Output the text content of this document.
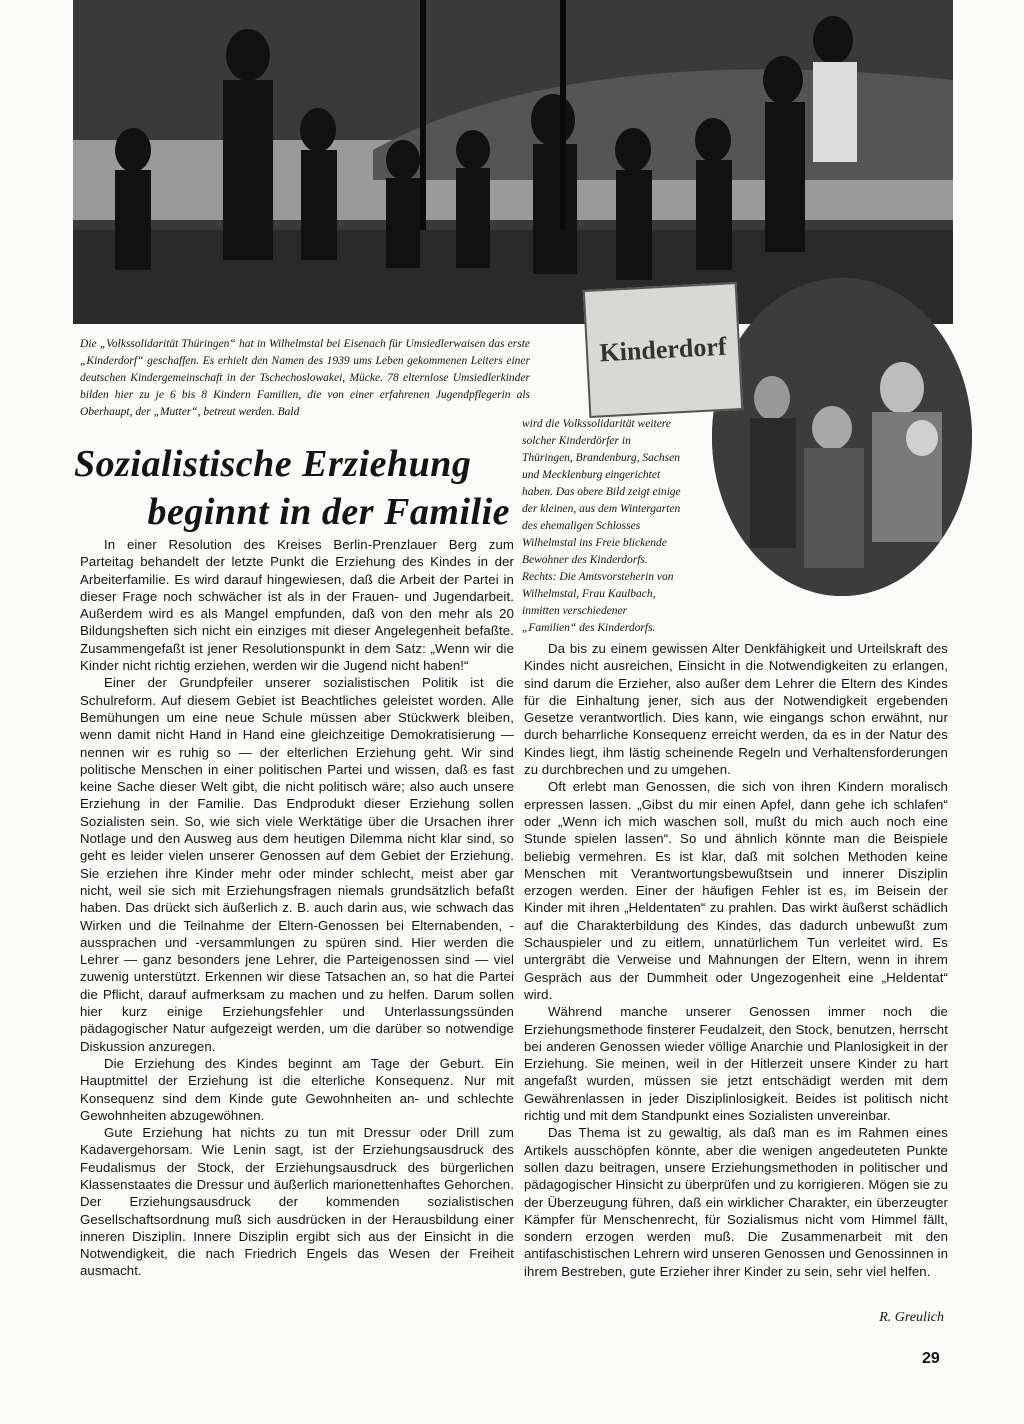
Kinderdorf

Die „Volkssolidarität Thüringen“ hat in Wilhelmstal bei Eisenach für Umsiedlerwaisen das erste „Kinderdorf“ geschaffen. Es erhielt den Namen des 1939 ums Leben gekommenen Leiters einer deutschen Kindergemeinschaft in der Tschechoslowakei, Mücke. 78 elternlose Umsiedlerkinder bilden hier zu je 6 bis 8 Kindern Familien, die von einer erfahrenen Jugendpflegerin als Oberhaupt, der „Mutter“, betreut werden. Bald

wird die Volkssolidarität weitere solcher Kinderdörfer in Thüringen, Brandenburg, Sachsen und Mecklenburg eingerichtet haben. Das obere Bild zeigt einige der kleinen, aus dem Wintergarten des ehemaligen Schlosses Wilhelmstal ins Freie blickende Bewohner des Kinderdorfs. Rechts: Die Amtsvorsteherin von Wilhelmstal, Frau Kaulbach, inmitten verschiedener „Familien“ des Kinderdorfs.

Sozialistische Erziehung
beginnt in der Familie

In einer Resolution des Kreises Berlin-Prenzlauer Berg zum Parteitag behandelt der letzte Punkt die Erziehung des Kindes in der Arbeiterfamilie. Es wird darauf hingewiesen, daß die Arbeit der Partei in dieser Frage noch schwächer ist als in der Frauen- und Jugendarbeit. Außerdem wird es als Mangel empfunden, daß von den mehr als 20 Bildungsheften sich nicht ein einziges mit dieser Angelegenheit befaßte. Zusammengefaßt ist jener Resolutionspunkt in dem Satz: „Wenn wir die Kinder nicht richtig erziehen, werden wir die Jugend nicht haben!“

Einer der Grundpfeiler unserer sozialistischen Politik ist die Schulreform. Auf diesem Gebiet ist Beachtliches geleistet worden. Alle Bemühungen um eine neue Schule müssen aber Stückwerk bleiben, wenn damit nicht Hand in Hand eine gleichzeitige Demokratisierung — nennen wir es ruhig so — der elterlichen Erziehung geht. Wir sind politische Menschen in einer politischen Partei und wissen, daß es fast keine Sache dieser Welt gibt, die nicht politisch wäre; also auch unsere Erziehung in der Familie. Das Endprodukt dieser Erziehung sollen Sozialisten sein. So, wie sich viele Werktätige über die Ursachen ihrer Notlage und den Ausweg aus dem heutigen Dilemma nicht klar sind, so geht es leider vielen unserer Genossen auf dem Gebiet der Erziehung. Sie erziehen ihre Kinder mehr oder minder schlecht, meist aber gar nicht, weil sie sich mit Erziehungsfragen niemals grundsätzlich befaßt haben. Das drückt sich äußerlich z. B. auch darin aus, wie schwach das Wirken und die Teilnahme der Eltern-Genossen bei Elternabenden, -aussprachen und -versammlungen zu spüren sind. Hier werden die Lehrer — ganz besonders jene Lehrer, die Parteigenossen sind — viel zuwenig unterstützt. Erkennen wir diese Tatsachen an, so hat die Partei die Pflicht, darauf aufmerksam zu machen und zu helfen. Darum sollen hier kurz einige Erziehungsfehler und Unterlassungssünden pädagogischer Natur aufgezeigt werden, um die darüber so notwendige Diskussion anzuregen.

Die Erziehung des Kindes beginnt am Tage der Geburt. Ein Hauptmittel der Erziehung ist die elterliche Konsequenz. Nur mit Konsequenz sind dem Kinde gute Gewohnheiten an- und schlechte Gewohnheiten abzugewöhnen.

Gute Erziehung hat nichts zu tun mit Dressur oder Drill zum Kadavergehorsam. Wie Lenin sagt, ist der Erziehungsausdruck des Feudalismus der Stock, der Erziehungsausdruck des bürgerlichen Klassenstaates die Dressur und äußerlich marionettenhaftes Gehorchen. Der Erziehungsausdruck der kommenden sozialistischen Gesellschaftsordnung muß sich ausdrücken in der Herausbildung einer inneren Disziplin. Innere Disziplin ergibt sich aus der Einsicht in die Notwendigkeit, die nach Friedrich Engels das Wesen der Freiheit ausmacht.

Da bis zu einem gewissen Alter Denkfähigkeit und Urteilskraft des Kindes nicht ausreichen, Einsicht in die Notwendigkeiten zu erlangen, sind darum die Erzieher, also außer dem Lehrer die Eltern des Kindes für die Einhaltung jener, sich aus der Notwendigkeit ergebenden Gesetze verantwortlich. Dies kann, wie eingangs schon erwähnt, nur durch beharrliche Konsequenz erreicht werden, da es in der Natur des Kindes liegt, ihm lästig scheinende Regeln und Verhaltensforderungen zu durchbrechen und zu umgehen.

Oft erlebt man Genossen, die sich von ihren Kindern moralisch erpressen lassen. „Gibst du mir einen Apfel, dann gehe ich schlafen“ oder „Wenn ich mich waschen soll, mußt du mich auch noch eine Stunde spielen lassen“. So und ähnlich könnte man die Beispiele beliebig vermehren. Es ist klar, daß mit solchen Methoden keine Menschen mit Verantwortungsbewußtsein und innerer Disziplin erzogen werden. Einer der häufigen Fehler ist es, im Beisein der Kinder mit ihren „Heldentaten“ zu prahlen. Das wirkt äußerst schädlich auf die Charakterbildung des Kindes, das dadurch unbewußt zum Schauspieler und zu eitlem, unnatürlichem Tun verleitet wird. Es untergräbt die Verweise und Mahnungen der Eltern, wenn in ihrem Gespräch aus der Dummheit oder Ungezogenheit eine „Heldentat“ wird.

Während manche unserer Genossen immer noch die Erziehungsmethode finsterer Feudalzeit, den Stock, benutzen, herrscht bei anderen Genossen wieder völlige Anarchie und Planlosigkeit in der Erziehung. Sie meinen, weil in der Hitlerzeit unsere Kinder zu hart angefaßt wurden, müssen sie jetzt entschädigt werden mit dem Gewährenlassen in jeder Disziplinlosigkeit. Beides ist politisch nicht richtig und mit dem Standpunkt eines Sozialisten unvereinbar.

Das Thema ist zu gewaltig, als daß man es im Rahmen eines Artikels ausschöpfen könnte, aber die wenigen angedeuteten Punkte sollen dazu beitragen, unsere Erziehungsmethoden in politischer und pädagogischer Hinsicht zu überprüfen und zu korrigieren. Mögen sie zu der Überzeugung führen, daß ein wirklicher Charakter, ein überzeugter Kämpfer für Menschenrecht, für Sozialismus nicht vom Himmel fällt, sondern erzogen werden muß. Die Zusammenarbeit mit den antifaschistischen Lehrern wird unseren Genossen und Genossinnen in ihrem Bestreben, gute Erzieher ihrer Kinder zu sein, sehr viel helfen.

R. Greulich
29
